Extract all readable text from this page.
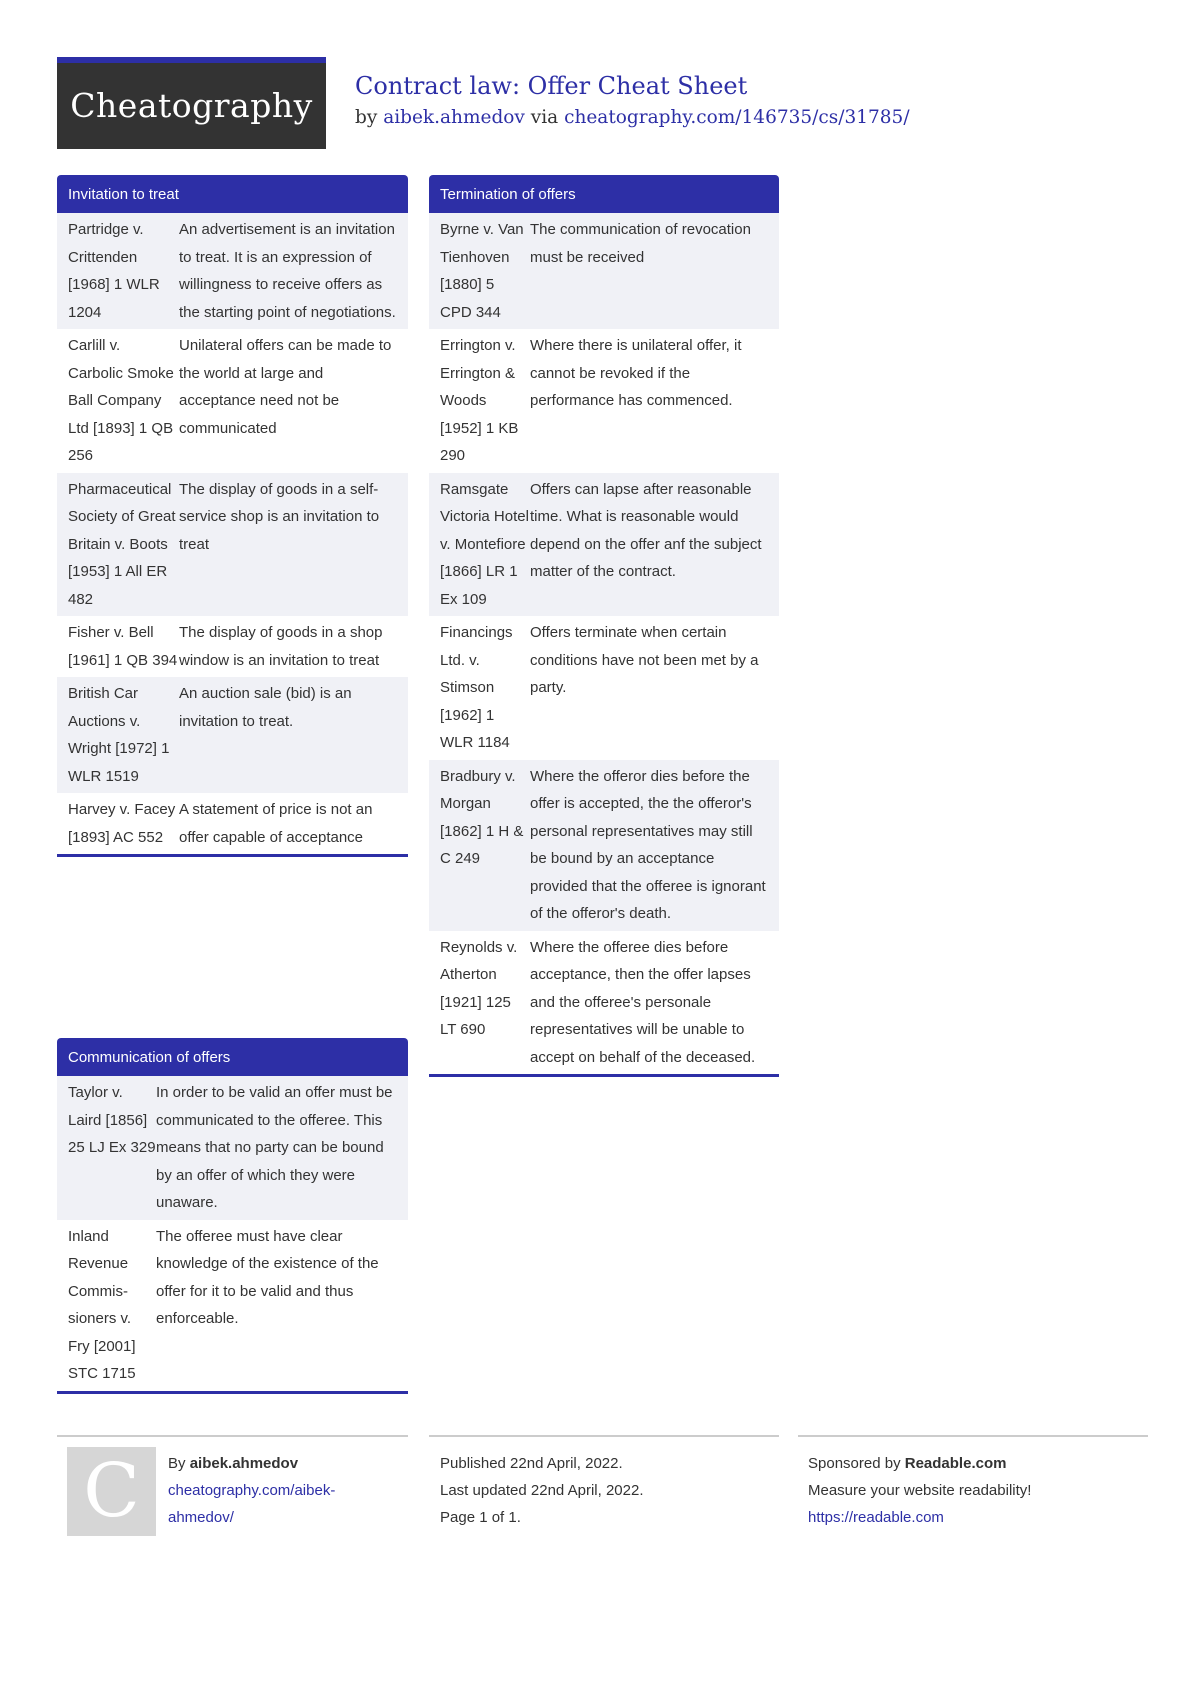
Cheatography	Contract law: Offer Cheat Sheet
by aibek.ahmedov via cheatography.com/146735/cs/31785/
Invitation to treat
Partridge v. Crittenden [1968] 1 WLR 1204
An advertisement is an invitation to treat. It is an expression of willingness to receive offers as the starting point of negotiations.
Carlill v. Carbolic Smoke Ball Company Ltd [1893] 1 QB 256
Unilateral offers can be made to the world at large and acceptance need not be communicated
Pharmaceutical Society of Great Britain v. Boots [1953] 1 All ER 482
The display of goods in a self-service shop is an invitation to treat
Fisher v. Bell [1961] 1 QB 394
The display of goods in a shop window is an invitation to treat
British Car Auctions v. Wright [1972] 1 WLR 1519
An auction sale (bid) is an invitation to treat.
Harvey v. Facey [1893] AC 552
A statement of price is not an offer capable of acceptance
Communication of offers
Taylor v. Laird [1856] 25 LJ Ex 329
In order to be valid an offer must be communicated to the offeree. This means that no party can be bound by an offer of which they were unaware.
Inland Revenue Commissioners v. Fry [2001] STC 1715
The offeree must have clear knowledge of the existence of the offer for it to be valid and thus enforceable.
Termination of offers
Byrne v. Van Tienhoven [1880] 5 CPD 344
The communication of revocation must be received
Errington v. Errington & Woods [1952] 1 KB 290
Where there is unilateral offer, it cannot be revoked if the performance has commenced.
Ramsgate Victoria Hotel v. Montefiore [1866] LR 1 Ex 109
Offers can lapse after reasonable time. What is reasonable would depend on the offer anf the subject matter of the contract.
Financings Ltd. v. Stimson [1962] 1 WLR 1184
Offers terminate when certain conditions have not been met by a party.
Bradbury v. Morgan [1862] 1 H & C 249
Where the offeror dies before the offer is accepted, the the offeror's personal representatives may still be bound by an acceptance provided that the offeree is ignorant of the offeror's death.
Reynolds v. Atherton [1921] 125 LT 690
Where the offeree dies before acceptance, then the offer lapses and the offeree's personale representatives will be unable to accept on behalf of the deceased.
C	By aibek.ahmedov
cheatography.com/aibek-
ahmedov/
Published 22nd April, 2022.
Last updated 22nd April, 2022.
Page 1 of 1.
Sponsored by Readable.com
Measure your website readability!
https://readable.com
